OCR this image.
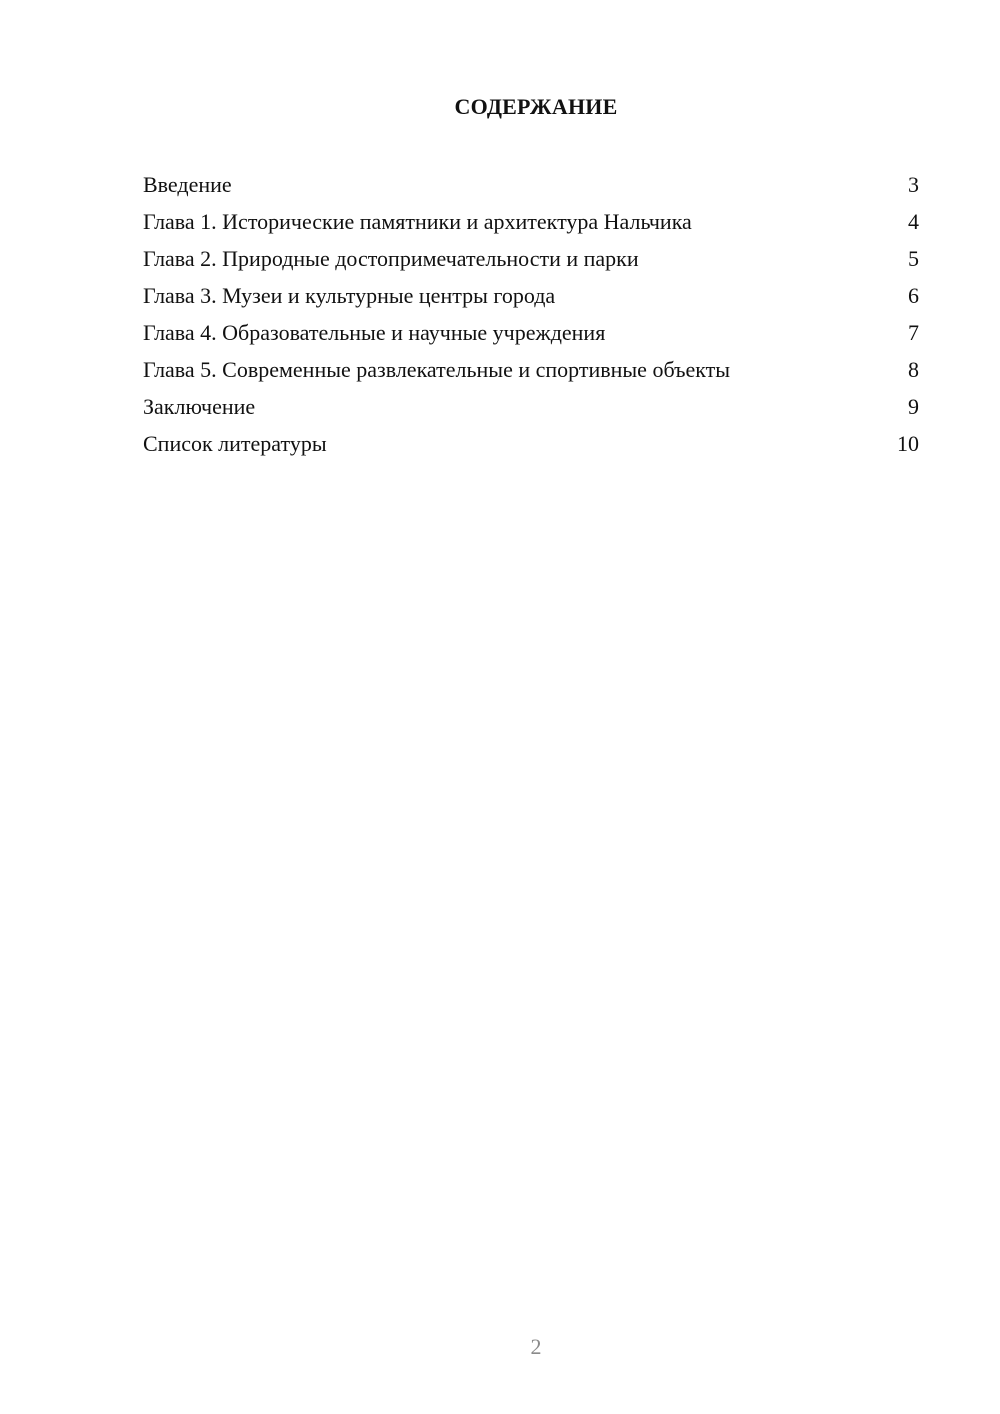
СОДЕРЖАНИЕ
Введение	3
Глава 1. Исторические памятники и архитектура Нальчика	4
Глава 2. Природные достопримечательности и парки	5
Глава 3. Музеи и культурные центры города	6
Глава 4. Образовательные и научные учреждения	7
Глава 5. Современные развлекательные и спортивные объекты	8
Заключение	9
Список литературы	10
2
